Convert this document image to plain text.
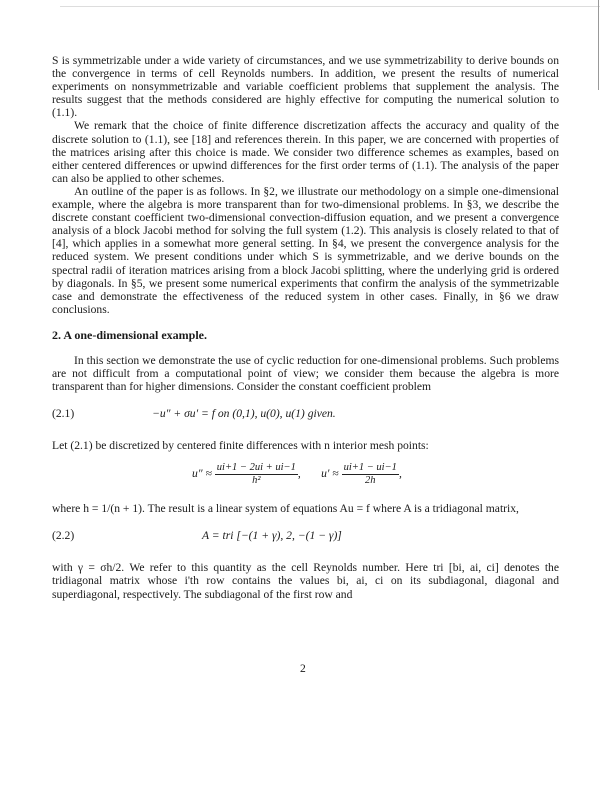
S is symmetrizable under a wide variety of circumstances, and we use symmetrizability to derive bounds on the convergence in terms of cell Reynolds numbers. In addition, we present the results of numerical experiments on nonsymmetrizable and variable coefficient problems that supplement the analysis. The results suggest that the methods considered are highly effective for computing the numerical solution to (1.1).

We remark that the choice of finite difference discretization affects the accuracy and quality of the discrete solution to (1.1), see [18] and references therein. In this paper, we are concerned with properties of the matrices arising after this choice is made. We consider two difference schemes as examples, based on either centered differences or upwind differences for the first order terms of (1.1). The analysis of the paper can also be applied to other schemes.

An outline of the paper is as follows. In §2, we illustrate our methodology on a simple one-dimensional example, where the algebra is more transparent than for two-dimensional problems. In §3, we describe the discrete constant coefficient two-dimensional convection-diffusion equation, and we present a convergence analysis of a block Jacobi method for solving the full system (1.2). This analysis is closely related to that of [4], which applies in a somewhat more general setting. In §4, we present the convergence analysis for the reduced system. We present conditions under which S is symmetrizable, and we derive bounds on the spectral radii of iteration matrices arising from a block Jacobi splitting, where the underlying grid is ordered by diagonals. In §5, we present some numerical experiments that confirm the analysis of the symmetrizable case and demonstrate the effectiveness of the reduced system in other cases. Finally, in §6 we draw conclusions.

2. A one-dimensional example.

In this section we demonstrate the use of cyclic reduction for one-dimensional problems. Such problems are not difficult from a computational point of view; we consider them because the algebra is more transparent than for higher dimensions. Consider the constant coefficient problem

(2.1)	−u″ + σu′ = f on (0,1), u(0), u(1) given.

Let (2.1) be discretized by centered finite differences with n interior mesh points:

$u'' \approx \frac{ui+1 - 2ui + ui-1}{\text{h²}}$ ,       $u' \approx \frac{ui+1 - ui-1}{2h}$ ,

where h = 1/(n + 1). The result is a linear system of equations Au = f where A is a tridiagonal matrix,

(2.2)	A = tri [−(1 + γ), 2, −(1 − γ)]

with γ = σh/2. We refer to this quantity as the cell Reynolds number. Here tri [bi, ai, ci] denotes the tridiagonal matrix whose i'th row contains the values bi, ai, ci on its subdiagonal, diagonal and superdiagonal, respectively. The subdiagonal of the first row and

2
